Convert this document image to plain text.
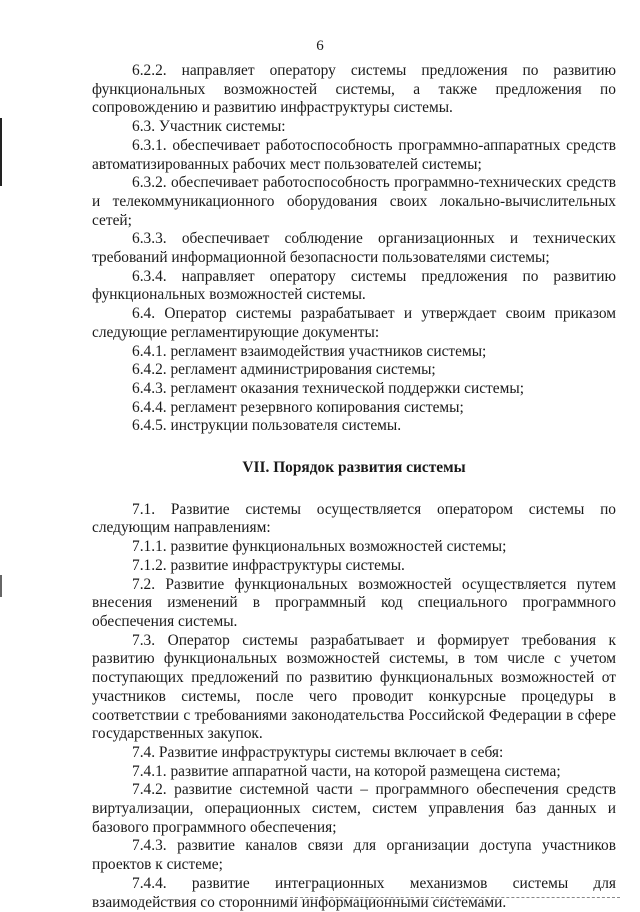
6

6.2.2. направляет оператору системы предложения по развитию функциональных возможностей системы, а также предложения по сопровождению и развитию инфраструктуры системы.

6.3. Участник системы:

6.3.1. обеспечивает работоспособность программно-аппаратных средств автоматизированных рабочих мест пользователей системы;

6.3.2. обеспечивает работоспособность программно-технических средств и телекоммуникационного оборудования своих локально-вычислительных сетей;

6.3.3. обеспечивает соблюдение организационных и технических требований информационной безопасности пользователями системы;

6.3.4. направляет оператору системы предложения по развитию функциональных возможностей системы.

6.4. Оператор системы разрабатывает и утверждает своим приказом следующие регламентирующие документы:

6.4.1. регламент взаимодействия участников системы;

6.4.2. регламент администрирования системы;

6.4.3. регламент оказания технической поддержки системы;

6.4.4. регламент резервного копирования системы;

6.4.5. инструкции пользователя системы.

VII. Порядок развития системы

7.1. Развитие системы осуществляется оператором системы по следующим направлениям:

7.1.1. развитие функциональных возможностей системы;

7.1.2. развитие инфраструктуры системы.

7.2. Развитие функциональных возможностей осуществляется путем внесения изменений в программный код специального программного обеспечения системы.

7.3. Оператор системы разрабатывает и формирует требования к развитию функциональных возможностей системы, в том числе с учетом поступающих предложений по развитию функциональных возможностей от участников системы, после чего проводит конкурсные процедуры в соответствии с требованиями законодательства Российской Федерации в сфере государственных закупок.

7.4. Развитие инфраструктуры системы включает в себя:

7.4.1. развитие аппаратной части, на которой размещена система;

7.4.2. развитие системной части – программного обеспечения средств виртуализации, операционных систем, систем управления баз данных и базового программного обеспечения;

7.4.3. развитие каналов связи для организации доступа участников проектов к системе;

7.4.4. развитие интеграционных механизмов системы для взаимодействия со сторонними информационными системами.
